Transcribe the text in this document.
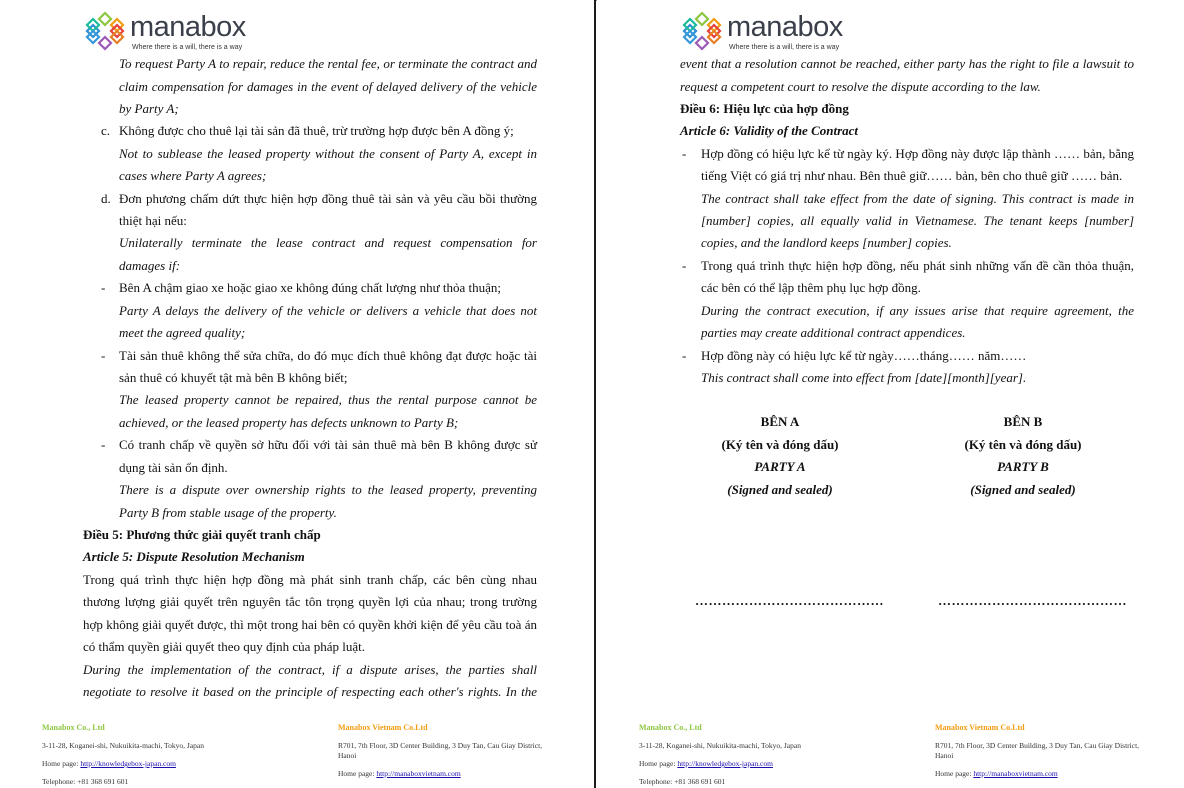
manabox
Where there is a will, there is a way
To request Party A to repair, reduce the rental fee, or terminate the contract and
claim compensation for damages in the event of delayed delivery of the vehicle
by Party A;
c. Không được cho thuê lại tài sản đã thuê, trừ trường hợp được bên A đồng ý;
Not to sublease the leased property without the consent of Party A, except in
cases where Party A agrees;
d. Đơn phương chấm dứt thực hiện hợp đồng thuê tài sản và yêu cầu bồi thường
thiệt hại nếu:
Unilaterally terminate the lease contract and request compensation for
damages if:
- Bên A chậm giao xe hoặc giao xe không đúng chất lượng như thỏa thuận;
Party A delays the delivery of the vehicle or delivers a vehicle that does not
meet the agreed quality;
- Tài sản thuê không thể sửa chữa, do đó mục đích thuê không đạt được hoặc tài
sản thuê có khuyết tật mà bên B không biết;
The leased property cannot be repaired, thus the rental purpose cannot be
achieved, or the leased property has defects unknown to Party B;
- Có tranh chấp về quyền sở hữu đối với tài sản thuê mà bên B không được sử
dụng tài sản ổn định.
There is a dispute over ownership rights to the leased property, preventing
Party B from stable usage of the property.
Điều 5: Phương thức giải quyết tranh chấp
Article 5: Dispute Resolution Mechanism
Trong quá trình thực hiện hợp đồng mà phát sinh tranh chấp, các bên cùng nhau
thương lượng giải quyết trên nguyên tắc tôn trọng quyền lợi của nhau; trong trường
hợp không giải quyết được, thì một trong hai bên có quyền khởi kiện để yêu cầu toà án
có thẩm quyền giải quyết theo quy định của pháp luật.
During the implementation of the contract, if a dispute arises, the parties shall
negotiate to resolve it based on the principle of respecting each other's rights. In the
Manabox Co., Ltd
3-11-28, Koganei-shi, Nukuikita-machi, Tokyo, Japan
Home page: http://knowledgebox-japan.com
Telephone: +81 368 691 601
Manabox Vietnam Co.Ltd
R701, 7th Floor, 3D Center Building, 3 Duy Tan, Cau Giay District,
Hanoi
Home page: http://manaboxvietnam.com
manabox
Where there is a will, there is a way
event that a resolution cannot be reached, either party has the right to file a lawsuit to
request a competent court to resolve the dispute according to the law.
Điều 6: Hiệu lực của hợp đồng
Article 6: Validity of the Contract
- Hợp đồng có hiệu lực kể từ ngày ký. Hợp đồng này được lập thành …… bản, bằng
tiếng Việt có giá trị như nhau. Bên thuê giữ…… bản, bên cho thuê giữ …… bản.
The contract shall take effect from the date of signing. This contract is made in
[number] copies, all equally valid in Vietnamese. The tenant keeps [number]
copies, and the landlord keeps [number] copies.
- Trong quá trình thực hiện hợp đồng, nếu phát sinh những vấn đề cần thỏa thuận,
các bên có thể lập thêm phụ lục hợp đồng.
During the contract execution, if any issues arise that require agreement, the
parties may create additional contract appendices.
- Hợp đồng này có hiệu lực kể từ ngày……tháng…… năm……
This contract shall come into effect from [date][month][year].
BÊN A
(Ký tên và đóng dấu)
PARTY A
(Signed and sealed)
……………………………………
BÊN B
(Ký tên và đóng dấu)
PARTY B
(Signed and sealed)
……………………………………
Manabox Co., Ltd
3-11-28, Koganei-shi, Nukuikita-machi, Tokyo, Japan
Home page: http://knowledgebox-japan.com
Telephone: +81 368 691 601
Manabox Vietnam Co.Ltd
R701, 7th Floor, 3D Center Building, 3 Duy Tan, Cau Giay District,
Hanoi
Home page: http://manaboxvietnam.com
